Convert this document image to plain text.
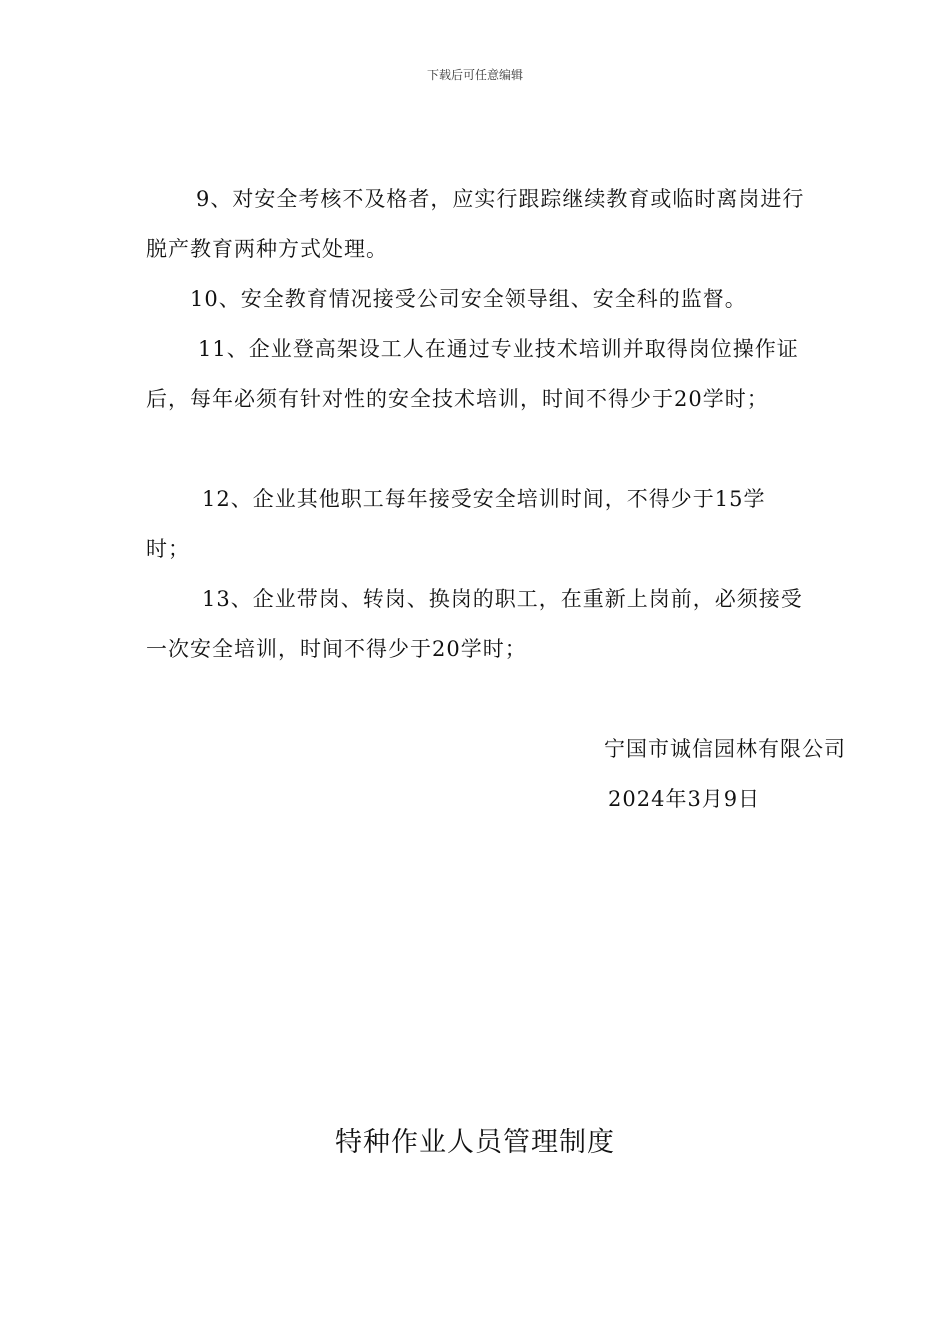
下载后可任意编辑

9、对安全考核不及格者，应实行跟踪继续教育或临时离岗进行脱产教育两种方式处理。

10、安全教育情况接受公司安全领导组、安全科的监督。

11、企业登高架设工人在通过专业技术培训并取得岗位操作证后，每年必须有针对性的安全技术培训，时间不得少于20学时；

12、企业其他职工每年接受安全培训时间，不得少于15学时；

13、企业带岗、转岗、换岗的职工，在重新上岗前，必须接受一次安全培训，时间不得少于20学时；

宁国市诚信园林有限公司

2024年3月9日

特种作业人员管理制度
